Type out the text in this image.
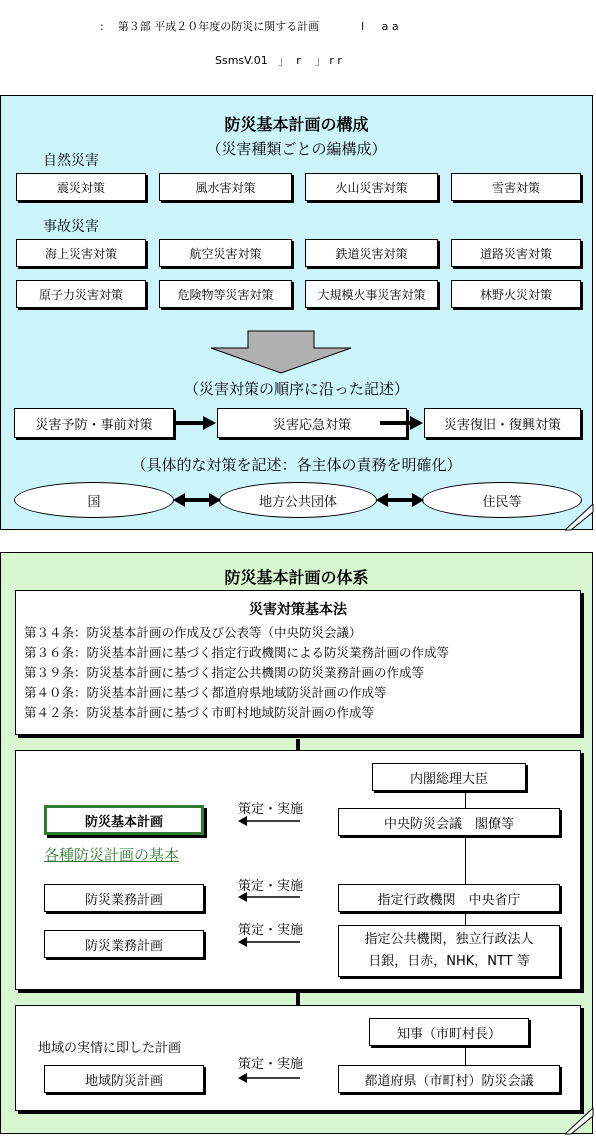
:    第３部 平成２０年度の防災に関する計画            l     a a
SsmsV.01   」  r    」 r r
防災基本計画の構成
（災害種類ごとの編構成）
自然災害
震災対策	風水害対策	火山災害対策	雪害対策
事故災害
海上災害対策	航空災害対策	鉄道災害対策	道路災害対策
原子力災害対策	危険物等災害対策	大規模火事災害対策	林野火災対策
（災害対策の順序に沿った記述）
災害予防・事前対策	災害応急対策	災害復旧・復興対策
（具体的な対策を記述：各主体の責務を明確化）
国	地方公共団体	住民等
防災基本計画の体系
災害対策基本法
第３４条：防災基本計画の作成及び公表等（中央防災会議）
第３６条：防災基本計画に基づく指定行政機関による防災業務計画の作成等
第３９条：防災基本計画に基づく指定公共機関の防災業務計画の作成等
第４０条：防災基本計画に基づく都道府県地域防災計画の作成等
第４２条：防災基本計画に基づく市町村地域防災計画の作成等
内閣総理大臣
中央防災会議　閣僚等
防災基本計画
各種防災計画の基本
策定・実施
防災業務計画
策定・実施
指定行政機関　中央省庁
防災業務計画
策定・実施
指定公共機関，独立行政法人
日銀，日赤，NHK，NTT 等
知事（市町村長）
地域の実情に即した計画
地域防災計画
策定・実施
都道府県（市町村）防災会議
